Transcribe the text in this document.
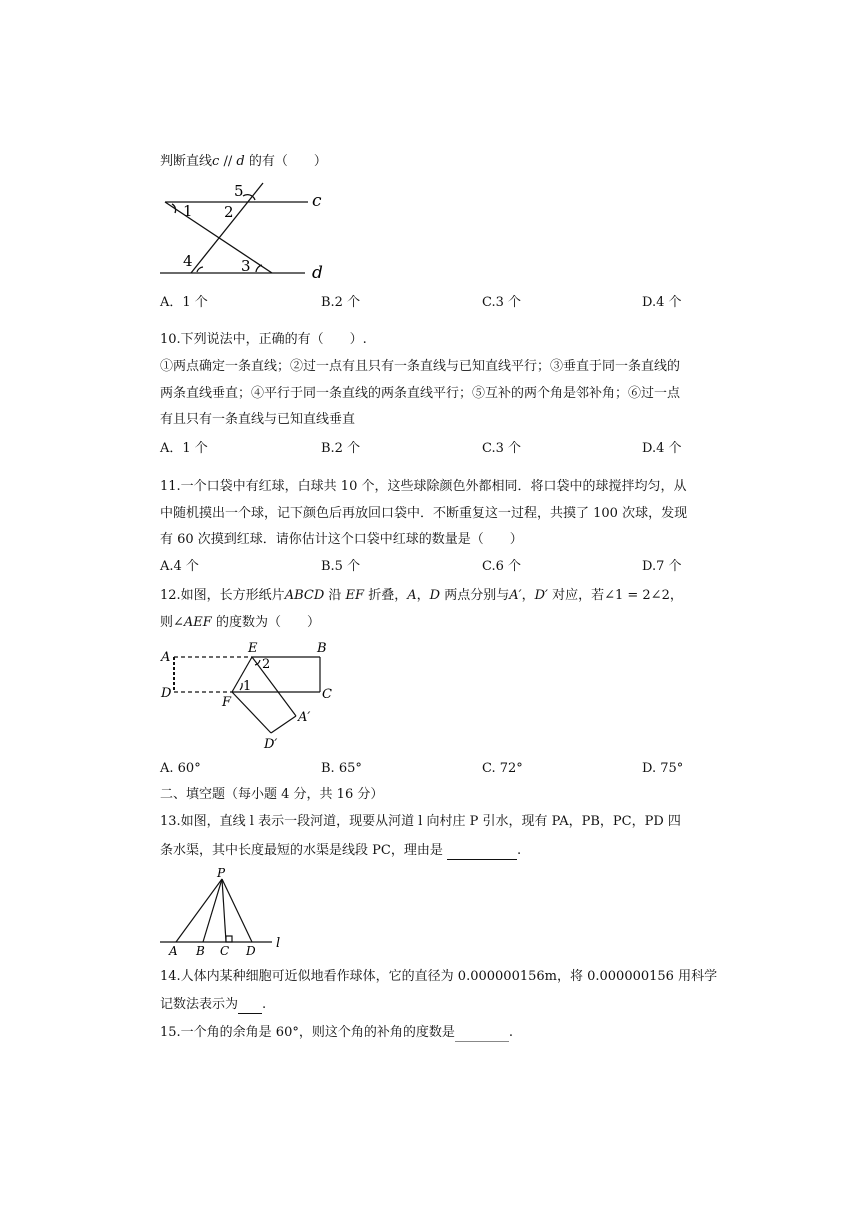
判断直线c // d 的有（　　）
1 2
5
4	3
c
d
A．1 个	B.2 个	C.3 个	D.4 个
10.下列说法中，正确的有（　　）.
①两点确定一条直线；②过一点有且只有一条直线与已知直线平行；③垂直于同一条直线的
两条直线垂直；④平行于同一条直线的两条直线平行；⑤互补的两个角是邻补角；⑥过一点
有且只有一条直线与已知直线垂直
A．1 个	B.2 个	C.3 个	D.4 个
11.一个口袋中有红球，白球共 10 个，这些球除颜色外都相同．将口袋中的球搅拌均匀，从
中随机摸出一个球，记下颜色后再放回口袋中．不断重复这一过程，共摸了 100 次球，发现
有 60 次摸到红球．请你估计这个口袋中红球的数量是（　　）
A.4 个	B.5 个	C.6 个	D.7 个
12.如图，长方形纸片ABCD 沿 EF 折叠，A，D 两点分别与A′，D′ 对应，若∠1 = 2∠2，
则∠AEF 的度数为（　　）
A
D
E	B
C
F
A′
D′
2
1
A. 60°	B. 65°	C. 72°	D. 75°
二、填空题（每小题 4 分，共 16 分）
13.如图，直线 l 表示一段河道，现要从河道 l 向村庄 P 引水，现有 PA，PB，PC，PD 四
条水渠，其中长度最短的水渠是线段 PC，理由是	.
P
A B C D l
14.人体内某种细胞可近似地看作球体，它的直径为 0.000000156m，将 0.000000156 用科学
记数法表示为 .
15.一个角的余角是 60°，则这个角的补角的度数是	.
